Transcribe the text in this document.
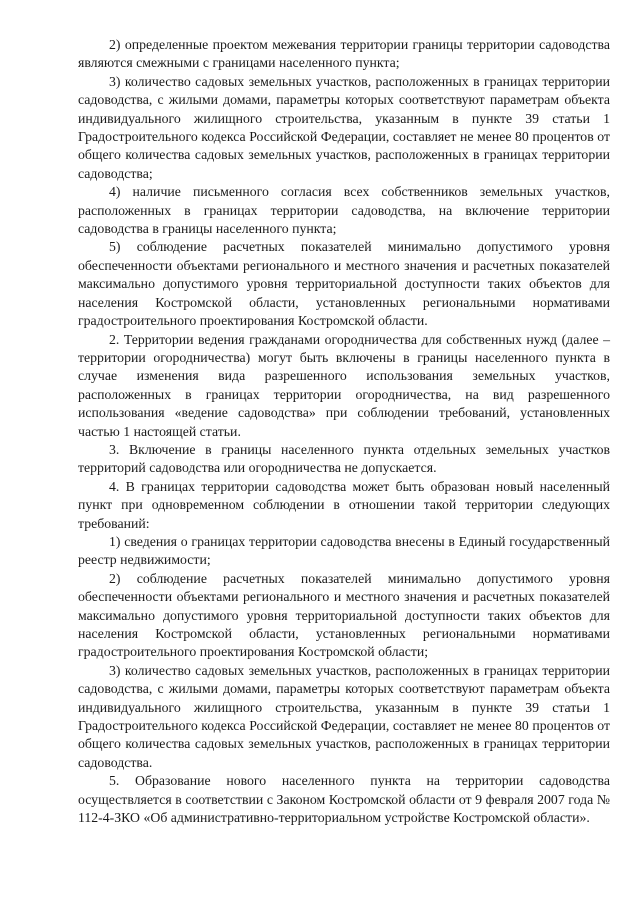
2) определенные проектом межевания территории границы территории садоводства являются смежными с границами населенного пункта;

3) количество садовых земельных участков, расположенных в границах территории садоводства, с жилыми домами, параметры которых соответствуют параметрам объекта индивидуального жилищного строительства, указанным в пункте 39 статьи 1 Градостроительного кодекса Российской Федерации, составляет не менее 80 процентов от общего количества садовых земельных участков, расположенных в границах территории садоводства;

4) наличие письменного согласия всех собственников земельных участков, расположенных в границах территории садоводства, на включение территории садоводства в границы населенного пункта;

5) соблюдение расчетных показателей минимально допустимого уровня обеспеченности объектами регионального и местного значения и расчетных показателей максимально допустимого уровня территориальной доступности таких объектов для населения Костромской области, установленных региональными нормативами градостроительного проектирования Костромской области.

2. Территории ведения гражданами огородничества для собственных нужд (далее – территории огородничества) могут быть включены в границы населенного пункта в случае изменения вида разрешенного использования земельных участков, расположенных в границах территории огородничества, на вид разрешенного использования «ведение садоводства» при соблюдении требований, установленных частью 1 настоящей статьи.

3. Включение в границы населенного пункта отдельных земельных участков территорий садоводства или огородничества не допускается.

4. В границах территории садоводства может быть образован новый населенный пункт при одновременном соблюдении в отношении такой территории следующих требований:

1) сведения о границах территории садоводства внесены в Единый государственный реестр недвижимости;

2) соблюдение расчетных показателей минимально допустимого уровня обеспеченности объектами регионального и местного значения и расчетных показателей максимально допустимого уровня территориальной доступности таких объектов для населения Костромской области, установленных региональными нормативами градостроительного проектирования Костромской области;

3) количество садовых земельных участков, расположенных в границах территории садоводства, с жилыми домами, параметры которых соответствуют параметрам объекта индивидуального жилищного строительства, указанным в пункте 39 статьи 1 Градостроительного кодекса Российской Федерации, составляет не менее 80 процентов от общего количества садовых земельных участков, расположенных в границах территории садоводства.

5. Образование нового населенного пункта на территории садоводства осуществляется в соответствии с Законом Костромской области от 9 февраля 2007 года № 112-4-ЗКО «Об административно-территориальном устройстве Костромской области».
